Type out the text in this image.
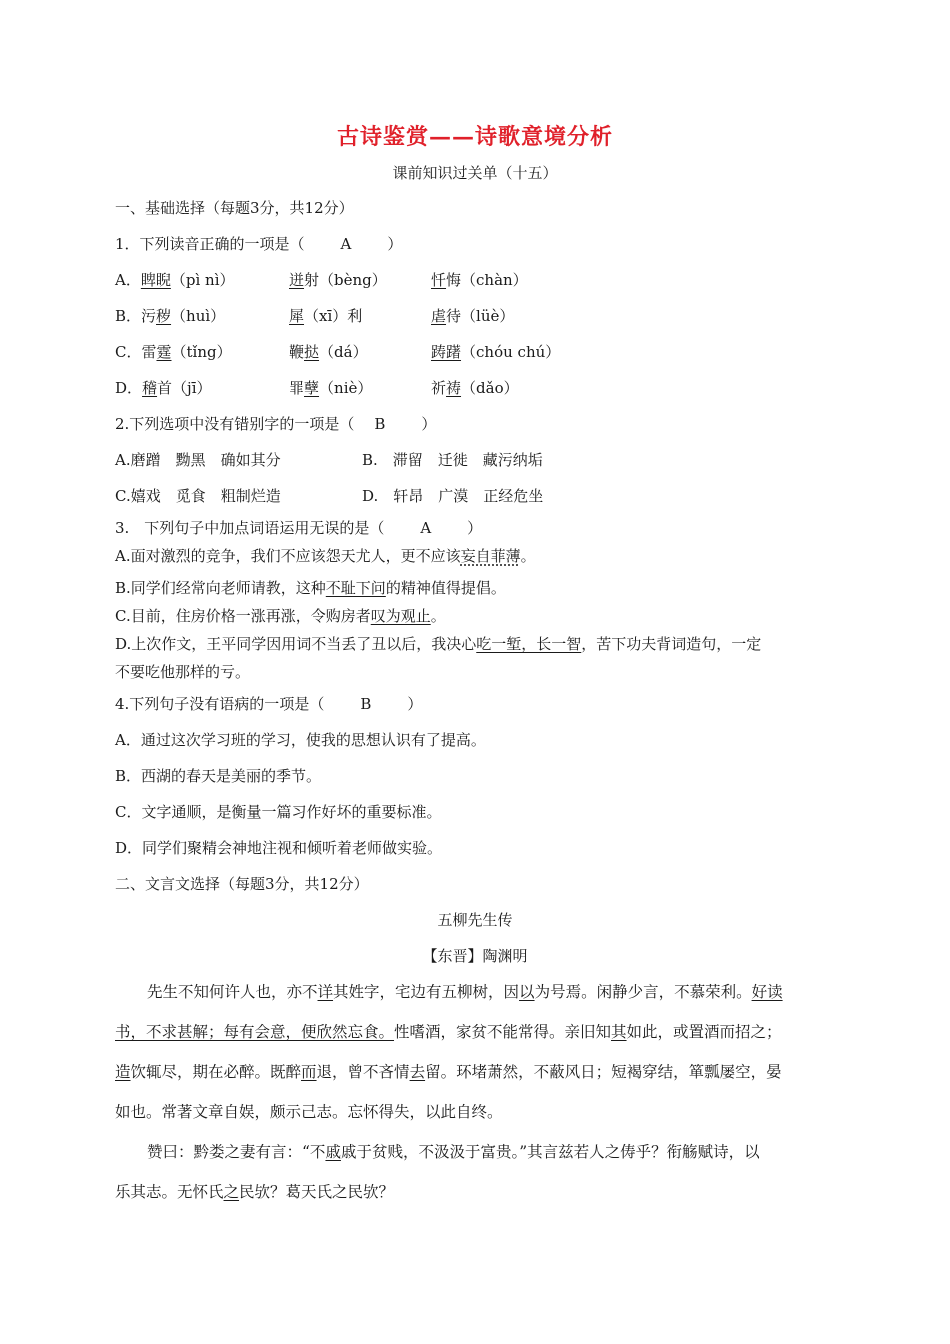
古诗鉴赏——诗歌意境分析
课前知识过关单（十五）
一、基础选择（每题3分，共12分）
1．下列读音正确的一项是（ A ）
A．睥睨（pì nì）	迸射（bèng）	忏悔（chàn）
B．污秽（huì）	犀（xī）利	虐待（lüè）
C．雷霆（tǐng）	鞭挞（dá）	踌躇（chóu chú）
D．稽首（jī）	罪孽（niè）	祈祷（dǎo）
2.下列选项中没有错别字的一项是（ B ）
A.磨蹭　黝黑　确如其分	B.　滞留　迁徙　藏污纳垢
C.嬉戏　觅食　粗制烂造	D.　轩昂　广漠　正经危坐
3.　下列句子中加点词语运用无误的是（ A ）
A.面对激烈的竞争，我们不应该怨天尤人，更不应该妄自菲薄。
B.同学们经常向老师请教，这种不耻下问的精神值得提倡。
C.目前，住房价格一涨再涨，令购房者叹为观止。
D.上次作文，王平同学因用词不当丢了丑以后，我决心吃一堑，长一智，苦下功夫背词造句，一定
不要吃他那样的亏。
4.下列句子没有语病的一项是（ B ）
A．通过这次学习班的学习，使我的思想认识有了提高。
B．西湖的春天是美丽的季节。
C．文字通顺，是衡量一篇习作好坏的重要标准。
D．同学们聚精会神地注视和倾听着老师做实验。
二、文言文选择（每题3分，共12分）
五柳先生传
【东晋】陶渊明
先生不知何许人也，亦不详其姓字，宅边有五柳树，因以为号焉。闲静少言，不慕荣利。好读
书，不求甚解；每有会意，便欣然忘食。性嗜酒，家贫不能常得。亲旧知其如此，或置酒而招之；
造饮辄尽，期在必醉。既醉而退，曾不吝情去留。环堵萧然，不蔽风日；短褐穿结，箪瓢屡空，晏
如也。常著文章自娱，颇示己志。忘怀得失，以此自终。
赞曰：黔娄之妻有言：“不戚戚于贫贱，不汲汲于富贵。”其言兹若人之俦乎？衔觞赋诗，以
乐其志。无怀氏之民欤？葛天氏之民欤？
